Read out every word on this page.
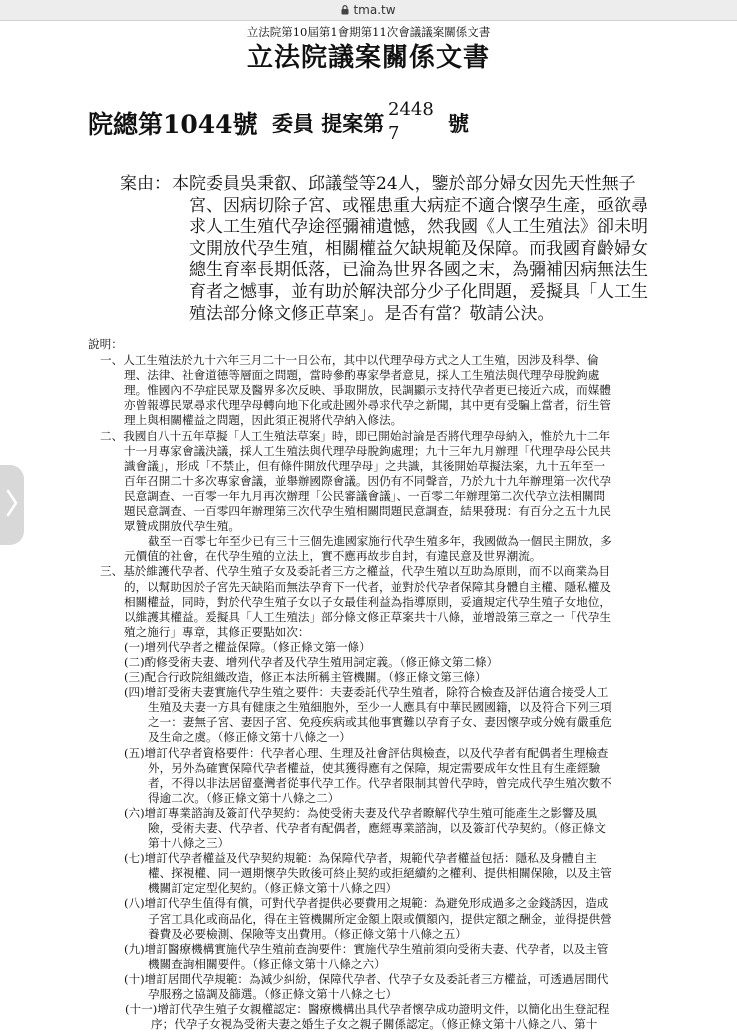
tma.tw
立法院第10屆第1會期第11次會議議案關係文書
立法院議案關係文書
院總第1044號 委員 提案第
2448
7 號
案由： 本院委員吳秉叡、邱議瑩等24人，鑒於部分婦女因先天性無子
宮、因病切除子宮、或罹患重大病症不適合懷孕生產，亟欲尋
求人工生殖代孕途徑彌補遺憾，然我國《人工生殖法》卻未明
文開放代孕生殖，相關權益欠缺規範及保障。而我國育齡婦女
總生育率長期低落，已淪為世界各國之末，為彌補因病無法生
育者之憾事，並有助於解決部分少子化問題，爰擬具「人工生
殖法部分條文修正草案」。是否有當？敬請公決。
說明：
一、人工生殖法於九十六年三月二十一日公布，其中以代理孕母方式之人工生殖，因涉及科學、倫
理、法律、社會道德等層面之問題，當時參酌專家學者意見，採人工生殖法與代理孕母脫鉤處
理。惟國內不孕症民眾及醫界多次反映、爭取開放，民調顯示支持代孕者更已接近六成，而媒體
亦曾報導民眾尋求代理孕母轉向地下化或赴國外尋求代孕之新聞，其中更有受騙上當者，衍生管
理上與相關權益之問題，因此須正視將代孕納入修法。
二、我國自八十五年草擬「人工生殖法草案」時，即已開始討論是否將代理孕母納入，惟於九十二年
十一月專家會議決議，採人工生殖法與代理孕母脫鉤處理；九十三年九月辦理「代理孕母公民共
識會議」，形成「不禁止，但有條件開放代理孕母」之共識，其後開始草擬法案，九十五年至一
百年召開二十多次專家會議，並舉辦國際會議。因仍有不同聲音，乃於九十九年辦理第一次代孕
民意調查、一百零一年九月再次辦理「公民審議會議」、一百零二年辦理第二次代孕立法相關問
題民意調查、一百零四年辦理第三次代孕生殖相關問題民意調查，結果發現：有百分之五十九民
眾贊成開放代孕生殖。
截至一百零七年至少已有三十三個先進國家施行代孕生殖多年，我國做為一個民主開放，多
元價值的社會，在代孕生殖的立法上，實不應再故步自封，有違民意及世界潮流。
三、基於維護代孕者、代孕生殖子女及委託者三方之權益，代孕生殖以互助為原則，而不以商業為目
的，以幫助因於子宮先天缺陷而無法孕育下一代者，並對於代孕者保障其身體自主權、隱私權及
相關權益，同時，對於代孕生殖子女以子女最佳利益為指導原則，妥適規定代孕生殖子女地位，
以維護其權益。爰擬具「人工生殖法」部分條文修正草案共十八條，並增設第三章之一「代孕生
殖之施行」專章，其修正要點如次：
(一)增列代孕者之權益保障。（修正條文第一條）
(二)酌修受術夫妻、增列代孕者及代孕生殖用詞定義。（修正條文第二條）
(三)配合行政院組織改造，修正本法所稱主管機關。（修正條文第三條）
(四)增訂受術夫妻實施代孕生殖之要件：夫妻委託代孕生殖者，除符合檢查及評估適合接受人工
生殖及夫妻一方具有健康之生殖細胞外，至少一人應具有中華民國國籍，以及符合下列三項
之一：妻無子宮、妻因子宮、免疫疾病或其他事實難以孕育子女、妻因懷孕或分娩有嚴重危
及生命之虞。（修正條文第十八條之一）
(五)增訂代孕者資格要件：代孕者心理、生理及社會評估與檢查，以及代孕者有配偶者生理檢查
外，另外為確實保障代孕者權益，使其獲得應有之保障，規定需要成年女性且有生產經驗
者，不得以非法居留臺灣者從事代孕工作。代孕者限制其曾代孕時，曾完成代孕生殖次數不
得逾二次。（修正條文第十八條之二）
(六)增訂專業諮詢及簽訂代孕契約：為使受術夫妻及代孕者瞭解代孕生殖可能產生之影響及風
險，受術夫妻、代孕者、代孕者有配偶者，應經專業諮詢，以及簽訂代孕契約。（修正條文
第十八條之三）
(七)增訂代孕者權益及代孕契約規範：為保障代孕者，規範代孕者權益包括：隱私及身體自主
權、探視權、同一週期懷孕失敗後可終止契約或拒絕續約之權利、提供相關保險，以及主管
機關訂定定型化契約。（修正條文第十八條之四）
(八)增訂代孕生值得有償，可對代孕者提供必要費用之規範：為避免形成過多之金錢誘因，造成
子宮工具化或商品化，得在主管機關所定金額上限或價額內，提供定額之酬金，並得提供營
養費及必要檢測、保險等支出費用。（修正條文第十八條之五）
(九)增訂醫療機構實施代孕生殖前查詢要件：實施代孕生殖前須向受術夫妻、代孕者，以及主管
機關查詢相關要件。（修正條文第十八條之六）
(十)增訂居間代孕規範：為減少糾紛，保障代孕者、代孕子女及委託者三方權益，可透過居間代
孕服務之協調及篩選。（修正條文第十八條之七）
(十一)增訂代孕生殖子女親權認定：醫療機構出具代孕者懷孕成功證明文件，以簡化出生登記程
序；代孕子女視為受術夫妻之婚生子女之親子關係認定。（修正條文第十八條之八、第十
